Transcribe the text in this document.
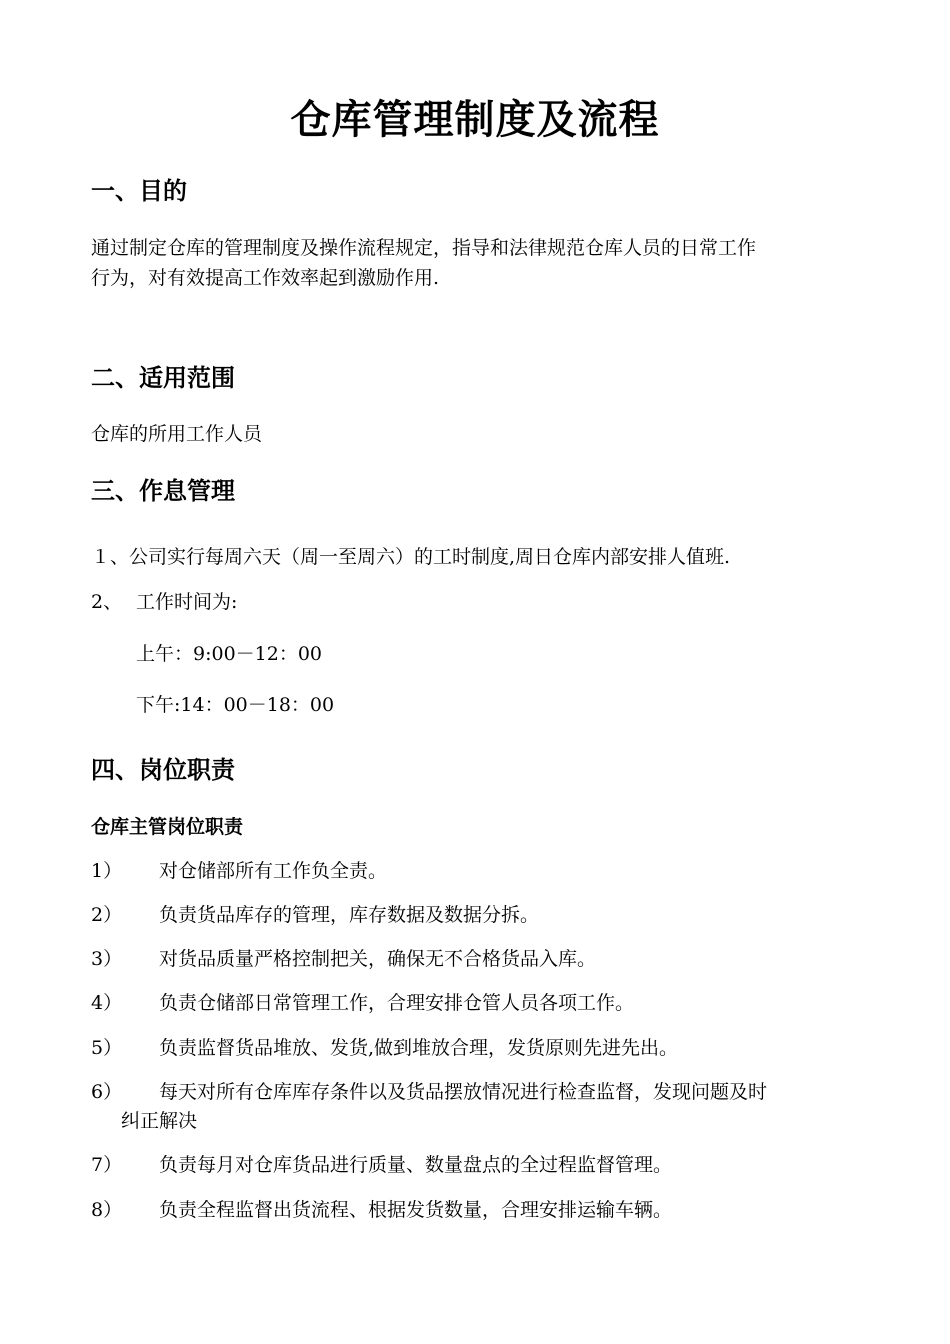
仓库管理制度及流程
一、目的
通过制定仓库的管理制度及操作流程规定，指导和法律规范仓库人员的日常工作
行为，对有效提高工作效率起到激励作用.
二、适用范围
仓库的所用工作人员
三、作息管理
１、公司实行每周六天（周一至周六）的工时制度,周日仓库内部安排人值班.
2、 工作时间为:
上午：9:00－12：00
下午:14：00－18：00
四、岗位职责
仓库主管岗位职责
1） 对仓储部所有工作负全责。
2） 负责货品库存的管理，库存数据及数据分拆。
3） 对货品质量严格控制把关，确保无不合格货品入库。
4） 负责仓储部日常管理工作，合理安排仓管人员各项工作。
5） 负责监督货品堆放、发货,做到堆放合理，发货原则先进先出。
6） 每天对所有仓库库存条件以及货品摆放情况进行检查监督，发现问题及时
纠正解决
7） 负责每月对仓库货品进行质量、数量盘点的全过程监督管理。
8） 负责全程监督出货流程、根据发货数量，合理安排运输车辆。
